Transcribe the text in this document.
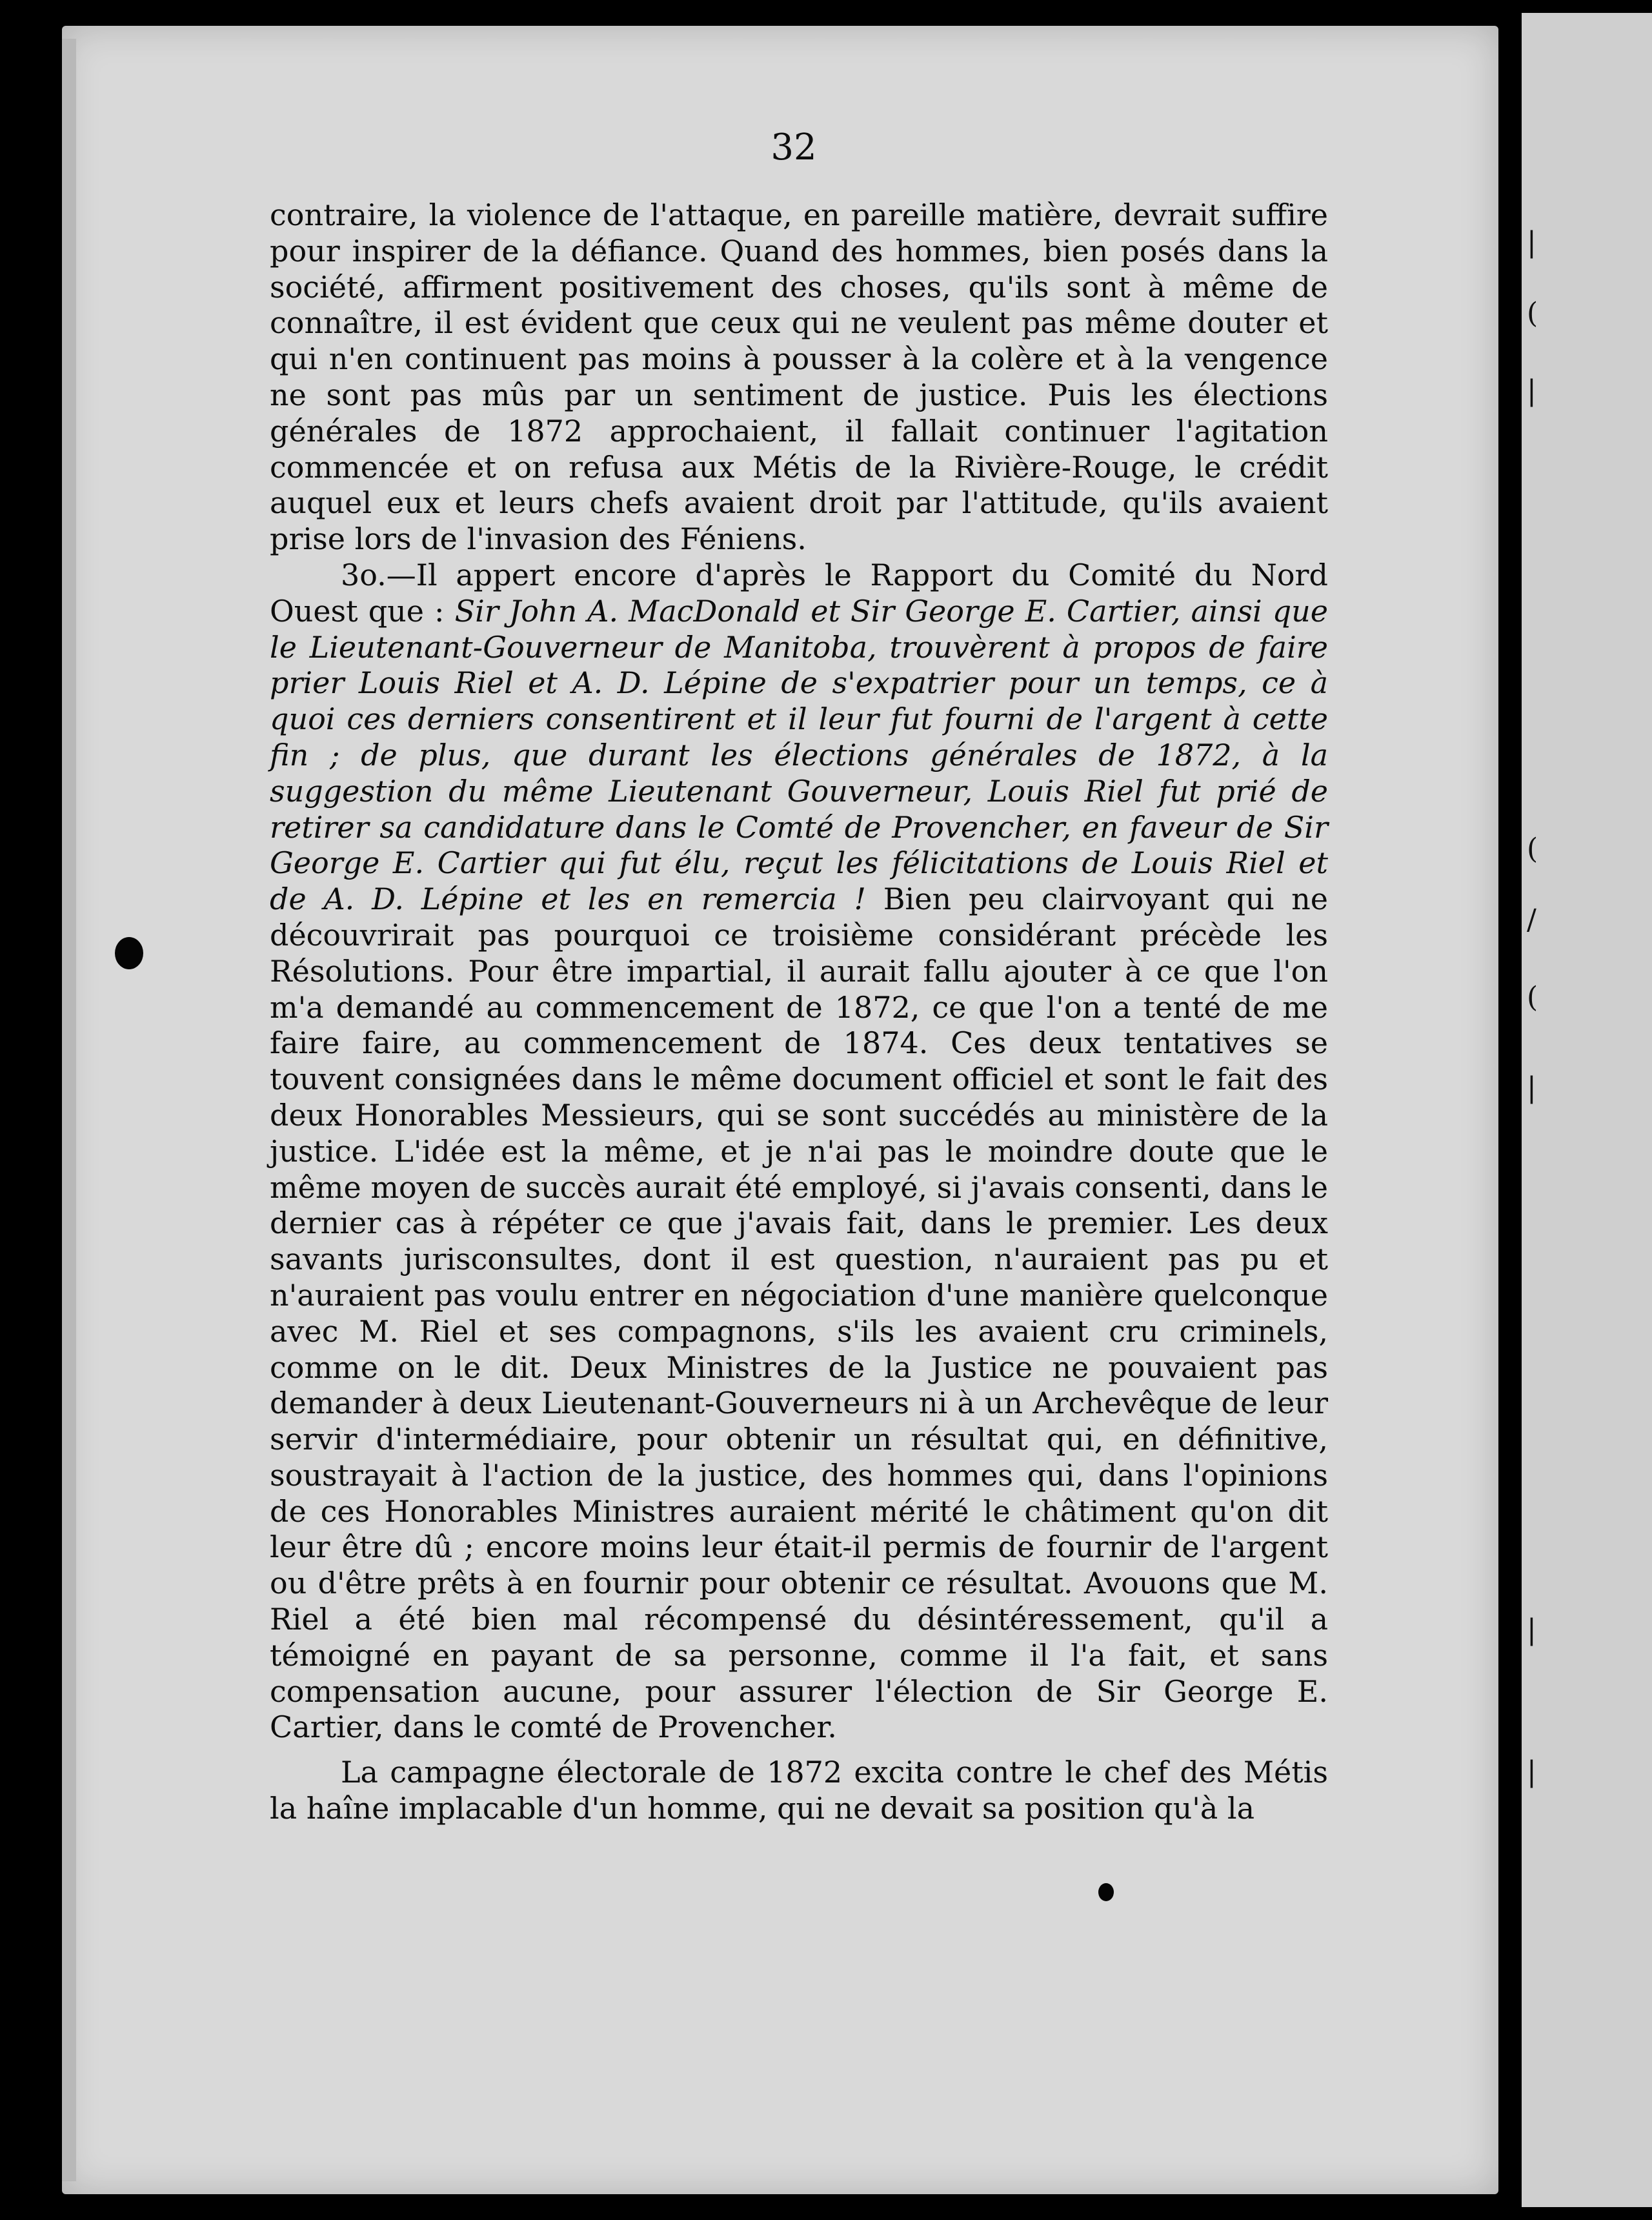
|
(
|
(
/
(
|
|
|
32

contraire, la violence de l'attaque, en pareille matière, devrait suffire pour inspirer de la défiance. Quand des hommes, bien posés dans la société, affirment positivement des choses, qu'ils sont à même de connaître, il est évident que ceux qui ne veulent pas même douter et qui n'en continuent pas moins à pousser à la colère et à la vengence ne sont pas mûs par un sentiment de justice. Puis les élections générales de 1872 approchaient, il fallait continuer l'agitation commencée et on refusa aux Métis de la Rivière-Rouge, le crédit auquel eux et leurs chefs avaient droit par l'attitude, qu'ils avaient prise lors de l'invasion des Féniens.

3o.—Il appert encore d'après le Rapport du Comité du Nord Ouest que : Sir John A. MacDonald et Sir George E. Cartier, ainsi que le Lieutenant-Gouverneur de Manitoba, trouvèrent à propos de faire prier Louis Riel et A. D. Lépine de s'expatrier pour un temps, ce à quoi ces derniers consentirent et il leur fut fourni de l'argent à cette fin ; de plus, que durant les élections générales de 1872, à la suggestion du même Lieutenant Gouverneur, Louis Riel fut prié de retirer sa candidature dans le Comté de Provencher, en faveur de Sir George E. Cartier qui fut élu, reçut les félicitations de Louis Riel et de A. D. Lépine et les en remercia ! Bien peu clairvoyant qui ne découvrirait pas pourquoi ce troisième considérant précède les Résolutions. Pour être impartial, il aurait fallu ajouter à ce que l'on m'a demandé au commencement de 1872, ce que l'on a tenté de me faire faire, au commencement de 1874. Ces deux tentatives se touvent consignées dans le même document officiel et sont le fait des deux Honorables Messieurs, qui se sont succédés au ministère de la justice. L'idée est la même, et je n'ai pas le moindre doute que le même moyen de succès aurait été employé, si j'avais consenti, dans le dernier cas à répéter ce que j'avais fait, dans le premier. Les deux savants jurisconsultes, dont il est question, n'auraient pas pu et n'auraient pas voulu entrer en négociation d'une manière quelconque avec M. Riel et ses compagnons, s'ils les avaient cru criminels, comme on le dit. Deux Ministres de la Justice ne pouvaient pas demander à deux Lieutenant-Gouverneurs ni à un Archevêque de leur servir d'intermédiaire, pour obtenir un résultat qui, en définitive, soustrayait à l'action de la justice, des hommes qui, dans l'opinions de ces Honorables Ministres auraient mérité le châtiment qu'on dit leur être dû ; encore moins leur était-il permis de fournir de l'argent ou d'être prêts à en fournir pour obtenir ce résultat. Avouons que M. Riel a été bien mal récompensé du désintéressement, qu'il a témoigné en payant de sa personne, comme il l'a fait, et sans compensation aucune, pour assurer l'élection de Sir George E. Cartier, dans le comté de Provencher.

La campagne électorale de 1872 excita contre le chef des Métis la haîne implacable d'un homme, qui ne devait sa position qu'à la
